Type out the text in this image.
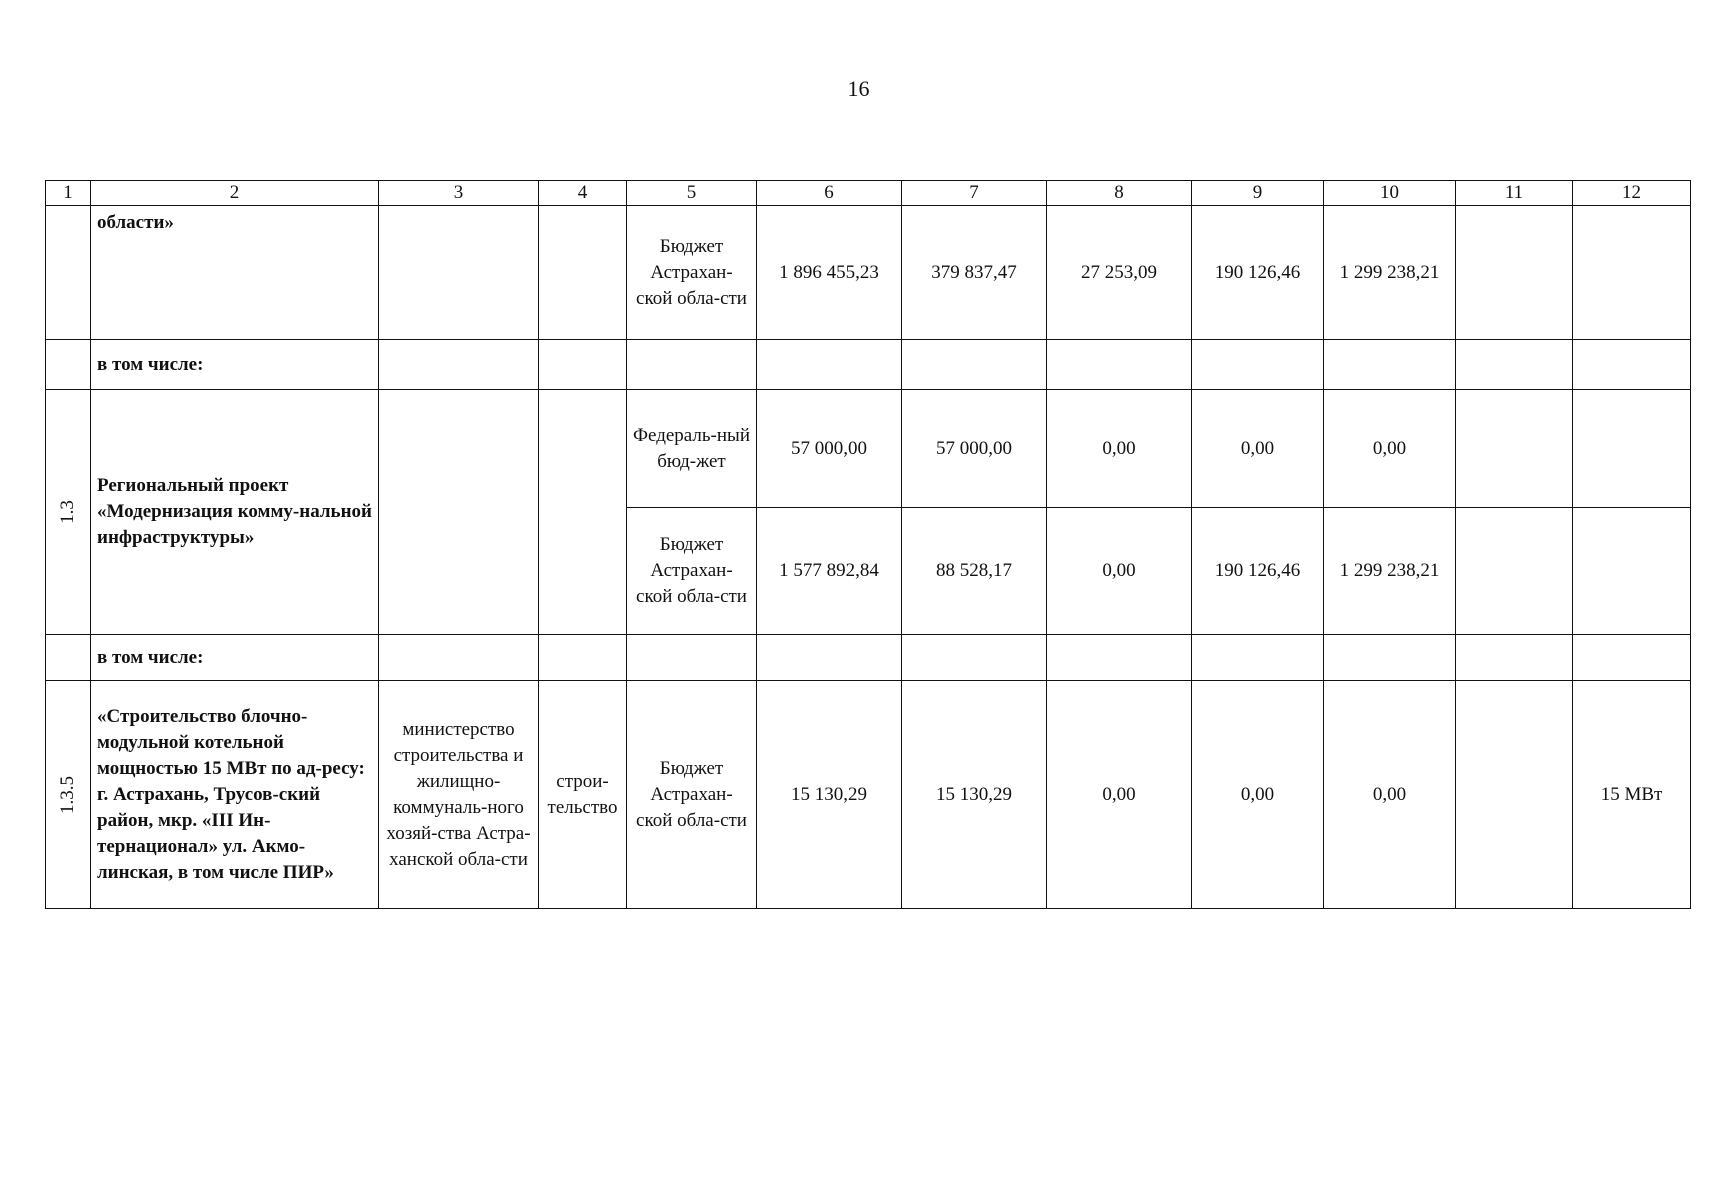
16
1	2	3	4	5	6	7	8	9	10	11	12
	области»			Бюджет Астрахан-ской обла-сти	1 896 455,23	379 837,47	27 253,09	190 126,46	1 299 238,21		
	в том числе:										

1.3	Региональный проект «Модернизация комму-нальной инфраструктуры»			Федераль-ный бюд-жет	57 000,00	57 000,00	0,00	0,00	0,00		
				Бюджет Астрахан-ской обла-сти	1 577 892,84	88 528,17	0,00	190 126,46	1 299 238,21		
	в том числе:										

1.3.5	«Строительство блочно-модульной котельной мощностью 15 МВт по ад-ресу: г. Астрахань, Трусов-ский район, мкр. «III Ин-тернационал» ул. Акмо-линская, в том числе ПИР»	министерство строительства и жилищно-коммуналь-ного хозяй-ства Астра-ханской обла-сти	строи-тельство	Бюджет Астрахан-ской обла-сти	15 130,29	15 130,29	0,00	0,00	0,00		15 МВт
